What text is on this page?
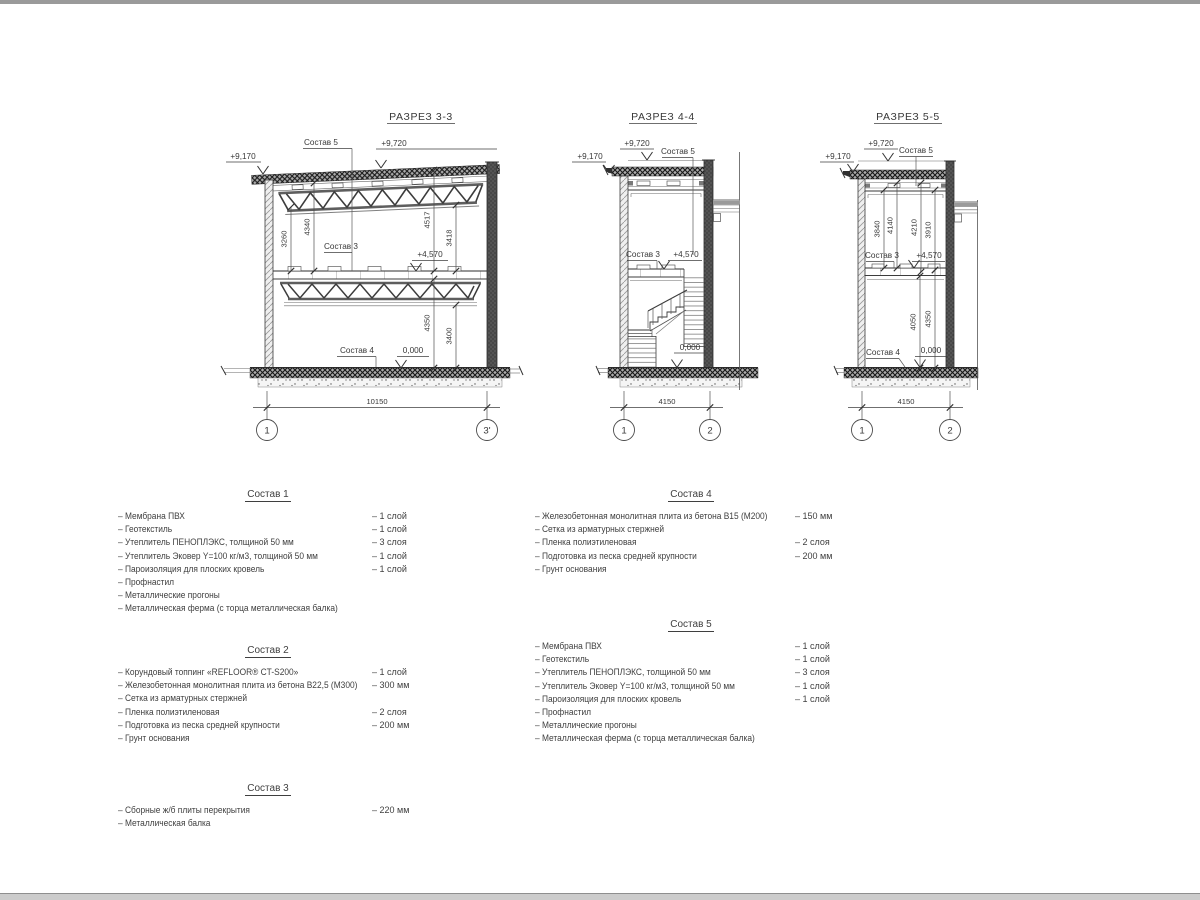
РАЗРЕЗ 3-3
Состав 5	+9,720
+9,170
3260
4340	4517
3418
Состав 3
+4,570
4350
3400
Состав 4	0,000
10150
1	3'
РАЗРЕЗ 4-4
+9,170
+9,720
Состав 5
Состав 3 +4,570
0,000
4150
1	2
РАЗРЕЗ 5-5
+9,170
+9,720
Состав 5
3840 4140 4210 3910
Состав 3 +4,570
4050 4350
Состав 4	0,000
4150
1	2
Состав 1
– Мембрана ПВХ	– 1 слой
– Геотекстиль	– 1 слой
– Утеплитель ПЕНОПЛЭКС, толщиной 50 мм	– 3 слоя
– Утеплитель Эковер Y=100 кг/м3, толщиной 50 мм	– 1 слой
– Пароизоляция для плоских кровель	– 1 слой
– Профнастил
– Металлические прогоны
– Металлическая ферма (с торца металлическая балка)
Состав 2
– Корундовый топпинг «REFLOOR® CT-S200»	– 1 слой
– Железобетонная монолитная плита из бетона В22,5 (М300) – 300 мм
– Сетка из арматурных стержней
– Пленка полиэтиленовая	– 2 слоя
– Подготовка из песка средней крупности	– 200 мм
– Грунт основания
Состав 3
– Сборные ж/б плиты перекрытия	– 220 мм
– Металлическая балка
Состав 4
– Железобетонная монолитная плита из бетона В15 (М200)	– 150 мм
– Сетка из арматурных стержней
– Пленка полиэтиленовая	– 2 слоя
– Подготовка из песка средней крупности	– 200 мм
– Грунт основания
Состав 5
– Мембрана ПВХ	– 1 слой
– Геотекстиль	– 1 слой
– Утеплитель ПЕНОПЛЭКС, толщиной 50 мм	– 3 слоя
– Утеплитель Эковер Y=100 кг/м3, толщиной 50 мм	– 1 слой
– Пароизоляция для плоских кровель	– 1 слой
– Профнастил
– Металлические прогоны
– Металлическая ферма (с торца металлическая балка)
